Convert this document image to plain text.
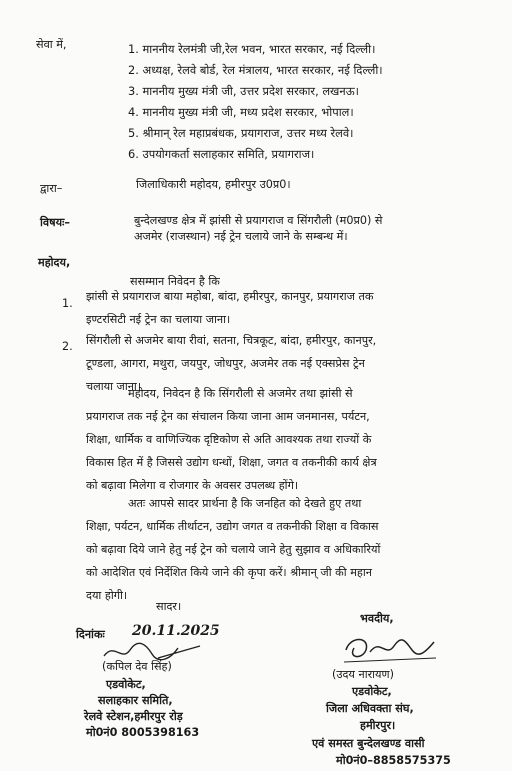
सेवा में,	1. माननीय रेलमंत्री जी,रेल भवन, भारत सरकार, नई दिल्ली।
2. अध्यक्ष, रेलवे बोर्ड, रेल मंत्रालय, भारत सरकार, नई दिल्ली।
3. माननीय मुख्य मंत्री जी, उत्तर प्रदेश सरकार, लखनऊ।
4. माननीय मुख्य मंत्री जी, मध्य प्रदेश सरकार, भोपाल।
5. श्रीमान् रेल महाप्रबंधक, प्रयागराज, उत्तर मध्य रेलवे।
6. उपयोगकर्ता सलाहकार समिति, प्रयागराज।
द्वारा–	जिलाधिकारी महोदय, हमीरपुर उ0प्र0।
विषयः–	बुन्देलखण्ड क्षेत्र में झांसी से प्रयागराज व सिंगरौली (म0प्र0) से
अजमेर (राजस्थान) नई ट्रेन चलाये जाने के सम्बन्ध में।
महोदय,
ससम्मान निवेदन है कि
1.
झांसी से प्रयागराज बाया महोबा, बांदा, हमीरपुर, कानपुर, प्रयागराज तक
इण्टरसिटी नई ट्रेन का चलाया जाना।
2. सिंगरौली से अजमेर बाया रीवां, सतना, चित्रकूट, बांदा, हमीरपुर, कानपुर,
टूण्डला, आगरा, मथुरा, जयपुर, जोधपुर, अजमेर तक नई एक्सप्रेस ट्रेन
चलाया जाना।
महोदय, निवेदन है कि सिंगरौली से अजमेर तथा झांसी से
प्रयागराज तक नई ट्रेन का संचालन किया जाना आम जनमानस, पर्यटन,
शिक्षा, धार्मिक व वाणिज्यिक दृष्टिकोण से अति आवश्यक तथा राज्यों के
विकास हित में है जिससे उद्योग धन्धों, शिक्षा, जगत व तकनीकी कार्य क्षेत्र
को बढ़ावा मिलेगा व रोजगार के अवसर उपलब्ध होंगे।
अतः आपसे सादर प्रार्थना है कि जनहित को देखते हुए तथा
शिक्षा, पर्यटन, धार्मिक तीर्थाटन, उद्योग जगत व तकनीकी शिक्षा व विकास
को बढ़ावा दिये जाने हेतु नई ट्रेन को चलाये जाने हेतु सुझाव व अधिकारियों
को आदेशित एवं निर्देशित किये जाने की कृपा करें। श्रीमान् जी की महान
दया होगी।
सादर।
भवदीय,
दिनांकः 20.11.2025
(कपिल देव सिंह)
एडवोकेट,
सलाहकार समिति,
रेलवे स्टेशन,हमीरपुर रोड़
मो0नं0 8005398163
(उदय नारायण)
एडवोकेट,
जिला अधिवक्ता संघ,
हमीरपुर।
एवं समस्त बुन्देलखण्ड वासी
मो0नं0–8858575375
